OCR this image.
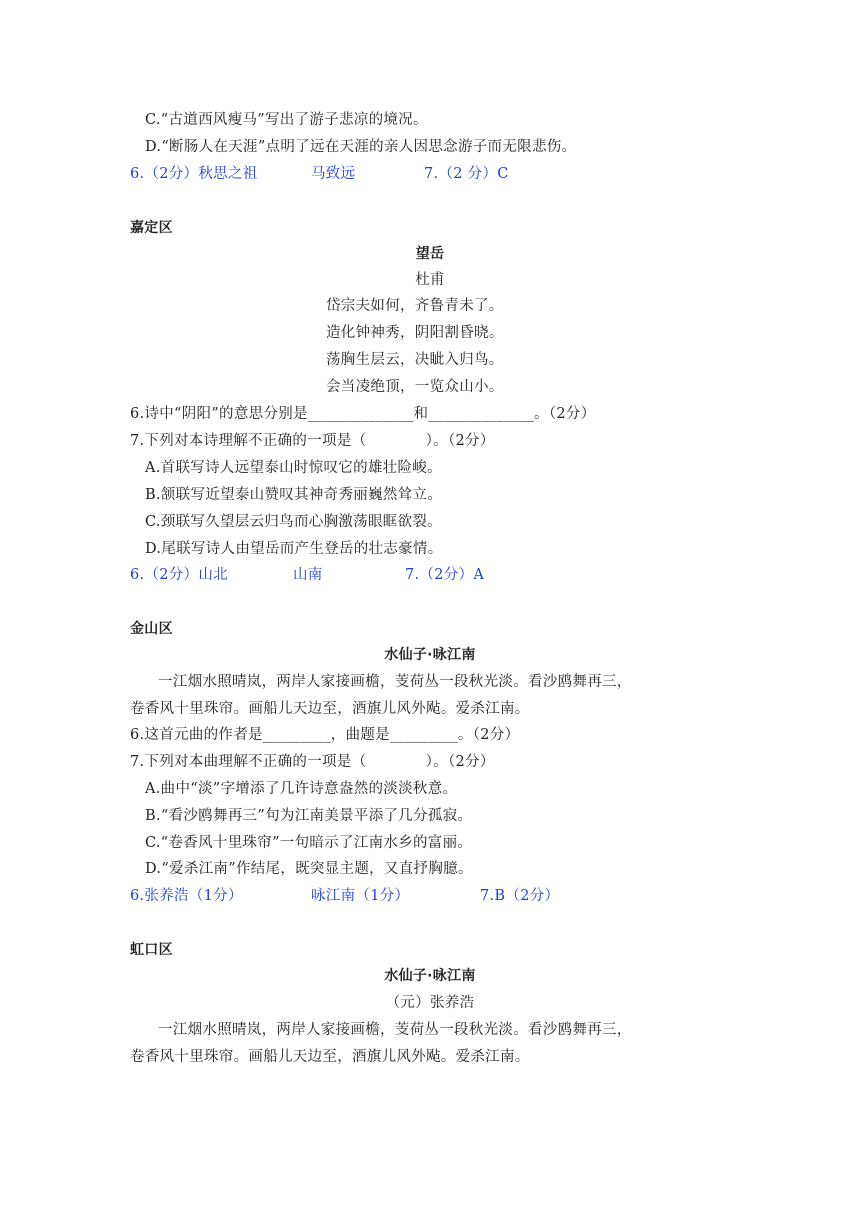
C.“古道西风瘦马”写出了游子悲凉的境况。
D.“断肠人在天涯”点明了远在天涯的亲人因思念游子而无限悲伤。
6.（2分）秋思之祖	马致远	7.（2 分）C
嘉定区
望岳
杜甫
岱宗夫如何，齐鲁青未了。
造化钟神秀，阴阳割昏晓。
荡胸生层云，决眦入归鸟。
会当凌绝顶，一览众山小。
6.诗中“阴阳”的意思分别是______________和______________。（2分）
7.下列对本诗理解不正确的一项是（　　　　）。（2分）
A.首联写诗人远望泰山时惊叹它的雄壮险峻。
B.颔联写近望泰山赞叹其神奇秀丽巍然耸立。
C.颈联写久望层云归鸟而心胸激荡眼眶欲裂。
D.尾联写诗人由望岳而产生登岳的壮志豪情。
6.（2分）山北	山南	7.（2分）A
金山区
水仙子·咏江南
一江烟水照晴岚，两岸人家接画檐，芰荷丛一段秋光淡。看沙鸥舞再三，
卷香风十里珠帘。画船儿天边至，酒旗儿风外飐。爱杀江南。
6.这首元曲的作者是_________，曲题是_________。（2分）
7.下列对本曲理解不正确的一项是（　　　　）。（2分）
A.曲中“淡”字增添了几许诗意盎然的淡淡秋意。
B.“看沙鸥舞再三”句为江南美景平添了几分孤寂。
C.“卷香风十里珠帘”一句暗示了江南水乡的富丽。
D.“爱杀江南”作结尾，既突显主题，又直抒胸臆。
6.张养浩（1分）	咏江南（1分）	7.B（2分）
虹口区
水仙子·咏江南
（元）张养浩
一江烟水照晴岚，两岸人家接画檐，芰荷丛一段秋光淡。看沙鸥舞再三，
卷香风十里珠帘。画船儿天边至，酒旗儿风外飐。爱杀江南。
